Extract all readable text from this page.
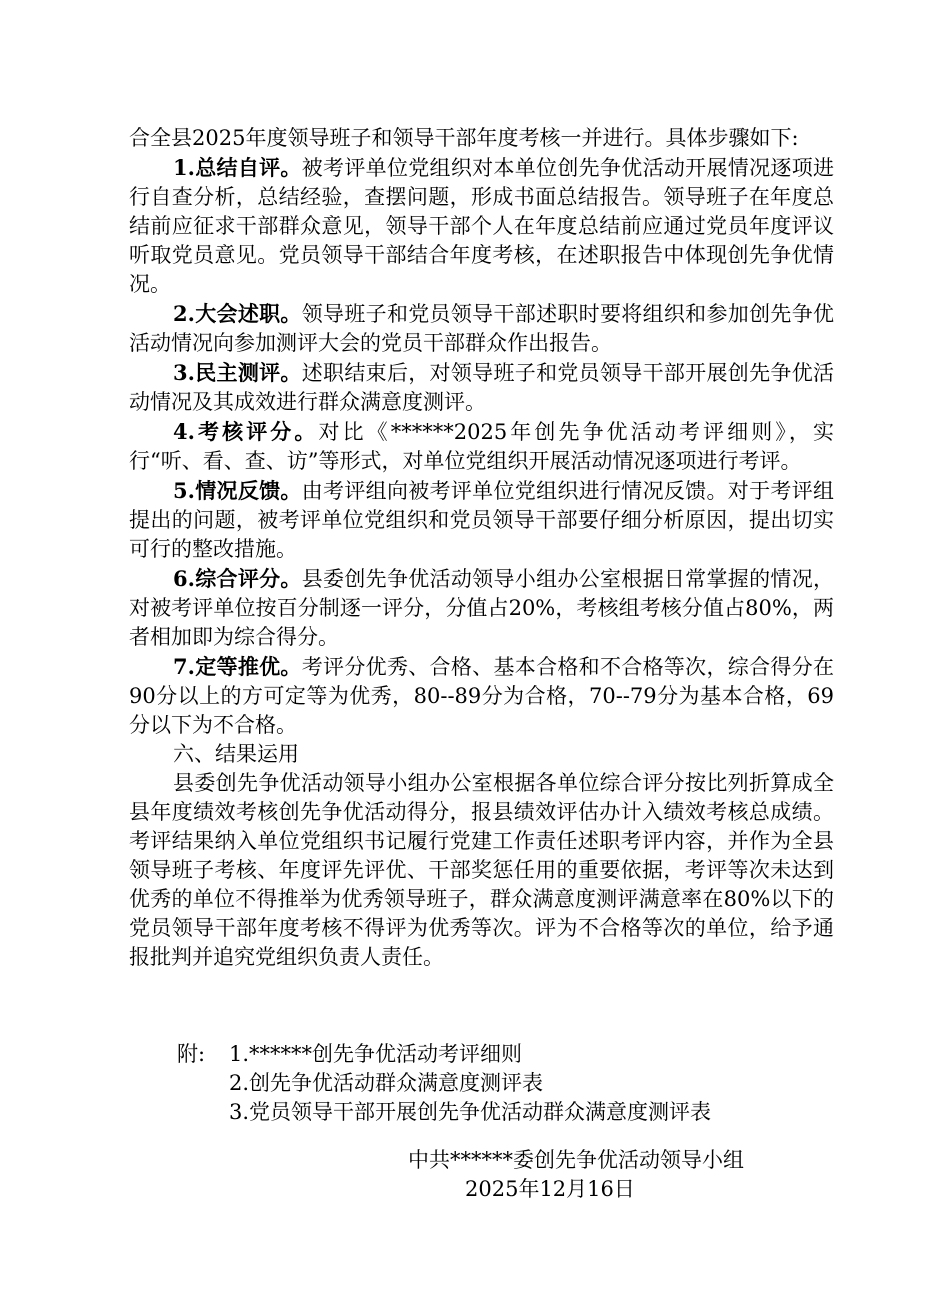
合全县2025年度领导班子和领导干部年度考核一并进行。具体步骤如下:

1.总结自评。被考评单位党组织对本单位创先争优活动开展情况逐项进行自查分析，总结经验，查摆问题，形成书面总结报告。领导班子在年度总结前应征求干部群众意见，领导干部个人在年度总结前应通过党员年度评议听取党员意见。党员领导干部结合年度考核，在述职报告中体现创先争优情况。

2.大会述职。领导班子和党员领导干部述职时要将组织和参加创先争优活动情况向参加测评大会的党员干部群众作出报告。

3.民主测评。述职结束后，对领导班子和党员领导干部开展创先争优活动情况及其成效进行群众满意度测评。

4.考核评分。对比《******2025年创先争优活动考评细则》，实行“听、看、查、访”等形式，对单位党组织开展活动情况逐项进行考评。

5.情况反馈。由考评组向被考评单位党组织进行情况反馈。对于考评组提出的问题，被考评单位党组织和党员领导干部要仔细分析原因，提出切实可行的整改措施。

6.综合评分。县委创先争优活动领导小组办公室根据日常掌握的情况，对被考评单位按百分制逐一评分，分值占20%，考核组考核分值占80%，两者相加即为综合得分。

7.定等推优。考评分优秀、合格、基本合格和不合格等次，综合得分在90分以上的方可定等为优秀，80--89分为合格，70--79分为基本合格，69分以下为不合格。

六、结果运用

县委创先争优活动领导小组办公室根据各单位综合评分按比列折算成全县年度绩效考核创先争优活动得分，报县绩效评估办计入绩效考核总成绩。考评结果纳入单位党组织书记履行党建工作责任述职考评内容，并作为全县领导班子考核、年度评先评优、干部奖惩任用的重要依据，考评等次未达到优秀的单位不得推举为优秀领导班子，群众满意度测评满意率在80%以下的党员领导干部年度考核不得评为优秀等次。评为不合格等次的单位，给予通报批判并追究党组织负责人责任。

附: 1.******创先争优活动考评细则
2.创先争优活动群众满意度测评表
3.党员领导干部开展创先争优活动群众满意度测评表
中共******委创先争优活动领导小组
2025年12月16日
